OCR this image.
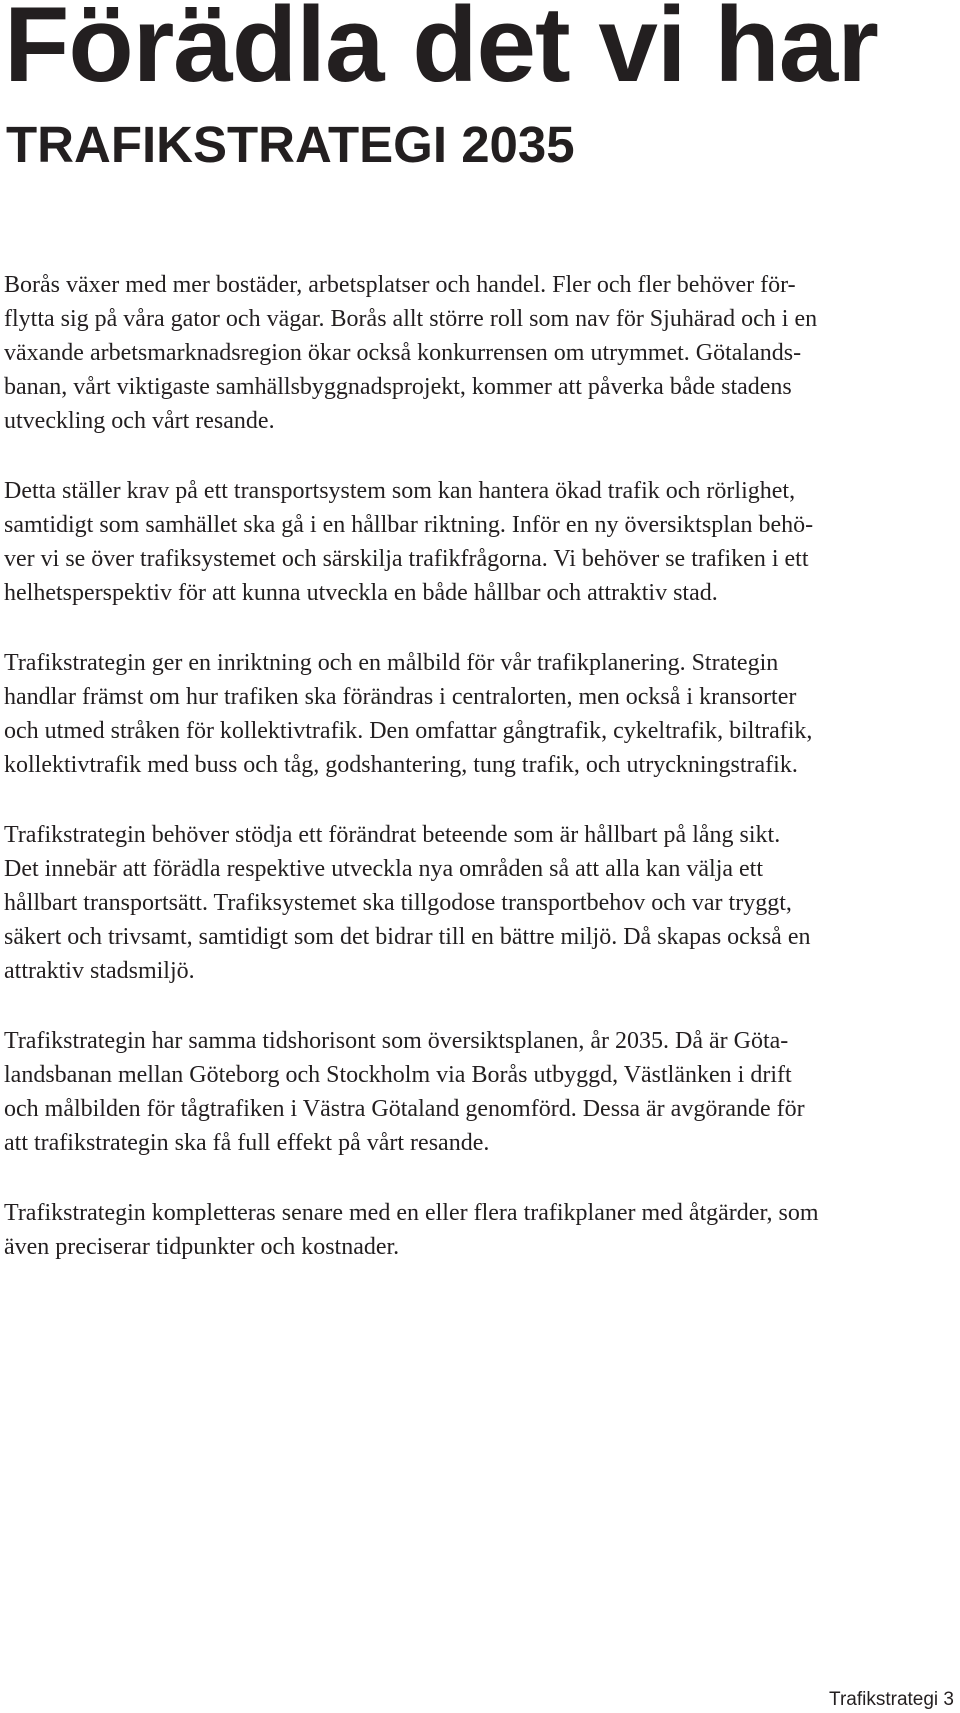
Förädla det vi har
TRAFIKSTRATEGI 2035

Borås växer med mer bostäder, arbetsplatser och handel. Fler och fler behöver för-
flytta sig på våra gator och vägar. Borås allt större roll som nav för Sjuhärad och i en
växande arbetsmarknadsregion ökar också konkurrensen om utrymmet. Götalands-
banan, vårt viktigaste samhällsbyggnadsprojekt, kommer att påverka både stadens
utveckling och vårt resande.

Detta ställer krav på ett transportsystem som kan hantera ökad trafik och rörlighet,
samtidigt som samhället ska gå i en hållbar riktning. Inför en ny översiktsplan behö-
ver vi se över trafiksystemet och särskilja trafikfrågorna. Vi behöver se trafiken i ett
helhetsperspektiv för att kunna utveckla en både hållbar och attraktiv stad.

Trafikstrategin ger en inriktning och en målbild för vår trafikplanering. Strategin
handlar främst om hur trafiken ska förändras i centralorten, men också i kransorter
och utmed stråken för kollektivtrafik. Den omfattar gångtrafik, cykeltrafik, biltrafik,
kollektivtrafik med buss och tåg, godshantering, tung trafik, och utryckningstrafik.

Trafikstrategin behöver stödja ett förändrat beteende som är hållbart på lång sikt.
Det innebär att förädla respektive utveckla nya områden så att alla kan välja ett
hållbart transportsätt. Trafiksystemet ska tillgodose transportbehov och var tryggt,
säkert och trivsamt, samtidigt som det bidrar till en bättre miljö. Då skapas också en
attraktiv stadsmiljö.

Trafikstrategin har samma tidshorisont som översiktsplanen, år 2035. Då är Göta-
landsbanan mellan Göteborg och Stockholm via Borås utbyggd, Västlänken i drift
och målbilden för tågtrafiken i Västra Götaland genomförd. Dessa är avgörande för
att trafikstrategin ska få full effekt på vårt resande.

Trafikstrategin kompletteras senare med en eller flera trafikplaner med åtgärder, som
även preciserar tidpunkter och kostnader.

Trafikstrategi 3
